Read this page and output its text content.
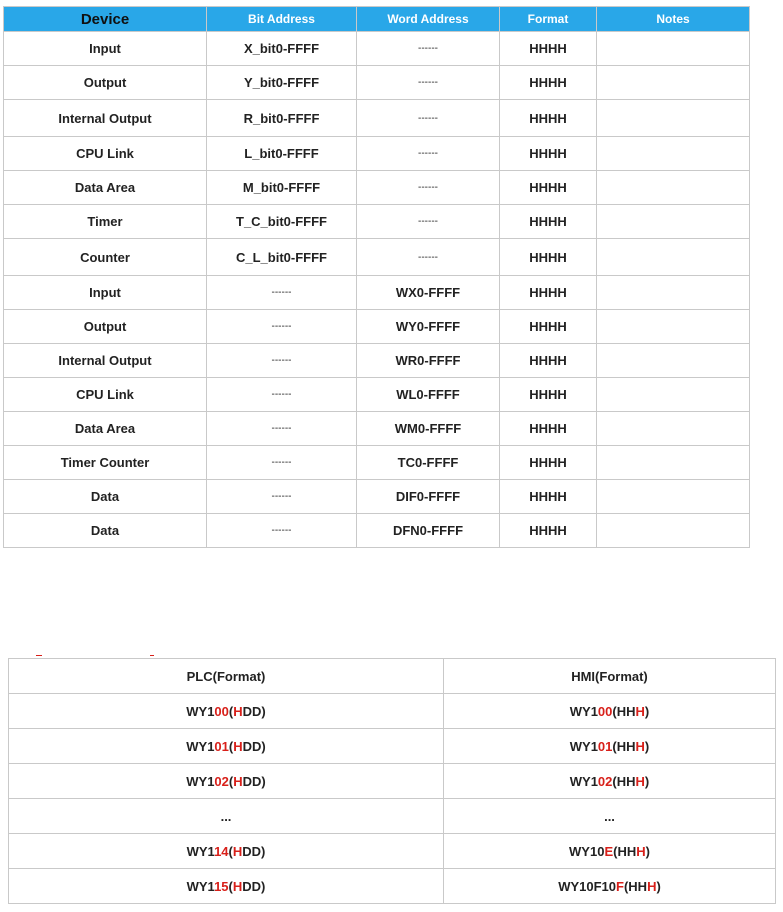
Device	Bit Address	Word Address	Format	Notes
Input	X_bit0-FFFF	------	HHHH	
Output	Y_bit0-FFFF	------	HHHH	
Internal Output	R_bit0-FFFF	------	HHHH	
CPU Link	L_bit0-FFFF	------	HHHH	
Data Area	M_bit0-FFFF	------	HHHH	
Timer	T_C_bit0-FFFF	------	HHHH	
Counter	C_L_bit0-FFFF	------	HHHH	
Input	------	WX0-FFFF	HHHH	
Output	------	WY0-FFFF	HHHH	
Internal Output	------	WR0-FFFF	HHHH	
CPU Link	------	WL0-FFFF	HHHH	
Data Area	------	WM0-FFFF	HHHH	
Timer Counter	------	TC0-FFFF	HHHH	
Data	------	DIF0-FFFF	HHHH	
Data	------	DFN0-FFFF	HHHH	
PLC(Format)	HMI(Format)
WY100(HDD)	WY100(HHH)
WY101(HDD)	WY101(HHH)
WY102(HDD)	WY102(HHH)
...	...
WY114(HDD)	WY10E(HHH)
WY115(HDD)	WY10F10F(HHH)
